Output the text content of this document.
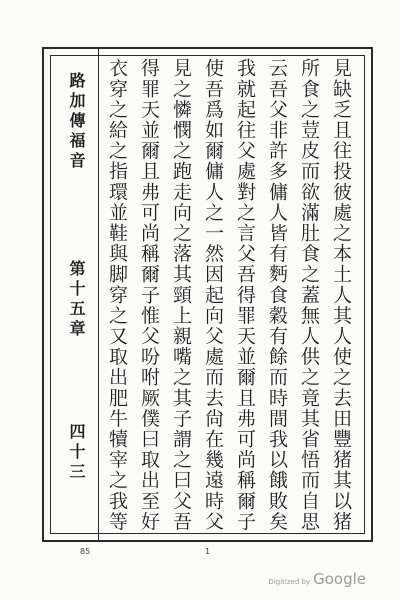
路加傳福音
第十五章
四十三 衣穿之給之指環並鞋與脚穿之又取出肥牛犢宰之我等 得罪天並爾且弗可尚稱爾子惟父吩咐厥僕曰取出至好 見之憐憫之跑走向之落其頸上親嘴之其子謂之曰父吾 使吾爲如爾傭人之一然因起向父處而去尙在幾遠時父 我就起往父處對之言父吾得罪天並爾且弗可尚稱爾子 云吾父非許多傭人皆有麪食穀有餘而時間我以餓敗矣 所食之荳皮而欲滿肚食之蓋無人供之竟其省悟而自思 見缺乏且往投彼處之本土人其人使之去田豐猪其以猪
85	1
Digitized by Google
